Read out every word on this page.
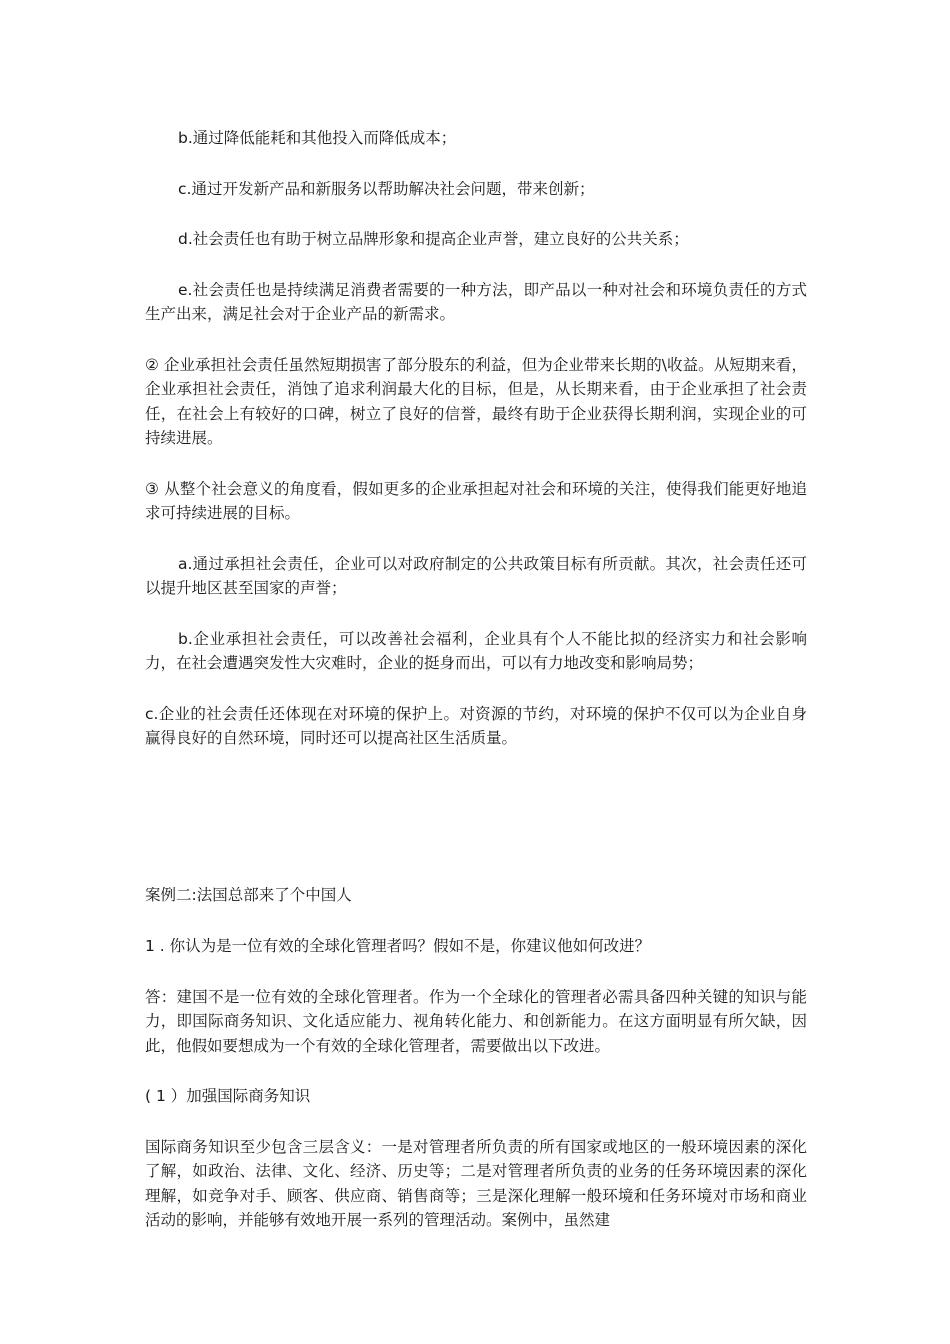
b.通过降低能耗和其他投入而降低成本；

c.通过开发新产品和新服务以帮助解决社会问题，带来创新；

d.社会责任也有助于树立品牌形象和提高企业声誉，建立良好的公共关系；

e.社会责任也是持续满足消费者需要的一种方法，即产品以一种对社会和环境负责任的方式生产出来，满足社会对于企业产品的新需求。

② 企业承担社会责任虽然短期损害了部分股东的利益，但为企业带来长期的\收益。从短期来看，企业承担社会责任，消蚀了追求利润最大化的目标，但是，从长期来看，由于企业承担了社会责任，在社会上有较好的口碑，树立了良好的信誉，最终有助于企业获得长期利润，实现企业的可持续进展。

③ 从整个社会意义的角度看，假如更多的企业承担起对社会和环境的关注，使得我们能更好地追求可持续进展的目标。

a.通过承担社会责任，企业可以对政府制定的公共政策目标有所贡献。其次，社会责任还可以提升地区甚至国家的声誉；

b.企业承担社会责任，可以改善社会福利，企业具有个人不能比拟的经济实力和社会影响力，在社会遭遇突发性大灾难时，企业的挺身而出，可以有力地改变和影响局势；

c.企业的社会责任还体现在对环境的保护上。对资源的节约，对环境的保护不仅可以为企业自身赢得良好的自然环境，同时还可以提高社区生活质量。

案例二:法国总部来了个中国人

1 . 你认为是一位有效的全球化管理者吗？假如不是，你建议他如何改进？

答：建国不是一位有效的全球化管理者。作为一个全球化的管理者必需具备四种关键的知识与能力，即国际商务知识、文化适应能力、视角转化能力、和创新能力。在这方面明显有所欠缺，因此，他假如要想成为一个有效的全球化管理者，需要做出以下改进。

( 1 ）加强国际商务知识

国际商务知识至少包含三层含义：一是对管理者所负责的所有国家或地区的一般环境因素的深化了解，如政治、法律、文化、经济、历史等；二是对管理者所负责的业务的任务环境因素的深化理解，如竞争对手、顾客、供应商、销售商等；三是深化理解一般环境和任务环境对市场和商业活动的影响，并能够有效地开展一系列的管理活动。案例中，虽然建
